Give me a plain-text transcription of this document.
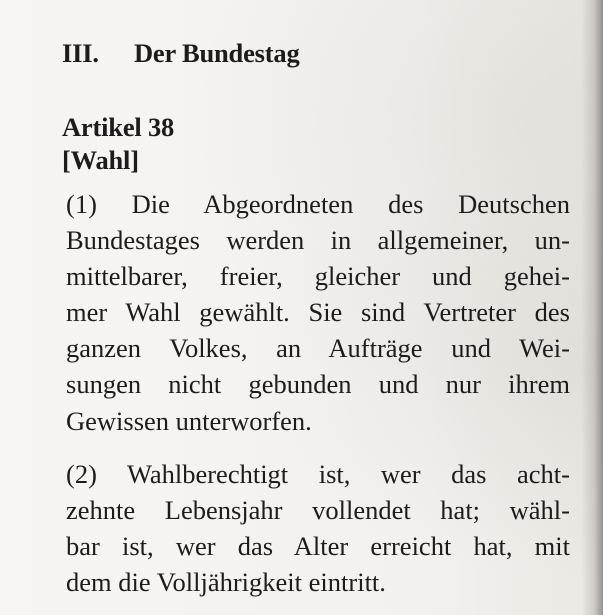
III. Der Bundestag
Artikel 38
[Wahl]

(1) Die Abgeordneten des Deutschen
Bundestages werden in allgemeiner, un-
mittelbarer, freier, gleicher und gehei-
mer Wahl gewählt. Sie sind Vertreter des
ganzen Volkes, an Aufträge und Wei-
sungen nicht gebunden und nur ihrem
Gewissen unterworfen.

(2) Wahlberechtigt ist, wer das acht-
zehnte Lebensjahr vollendet hat; wähl-
bar ist, wer das Alter erreicht hat, mit
dem die Volljährigkeit eintritt.
